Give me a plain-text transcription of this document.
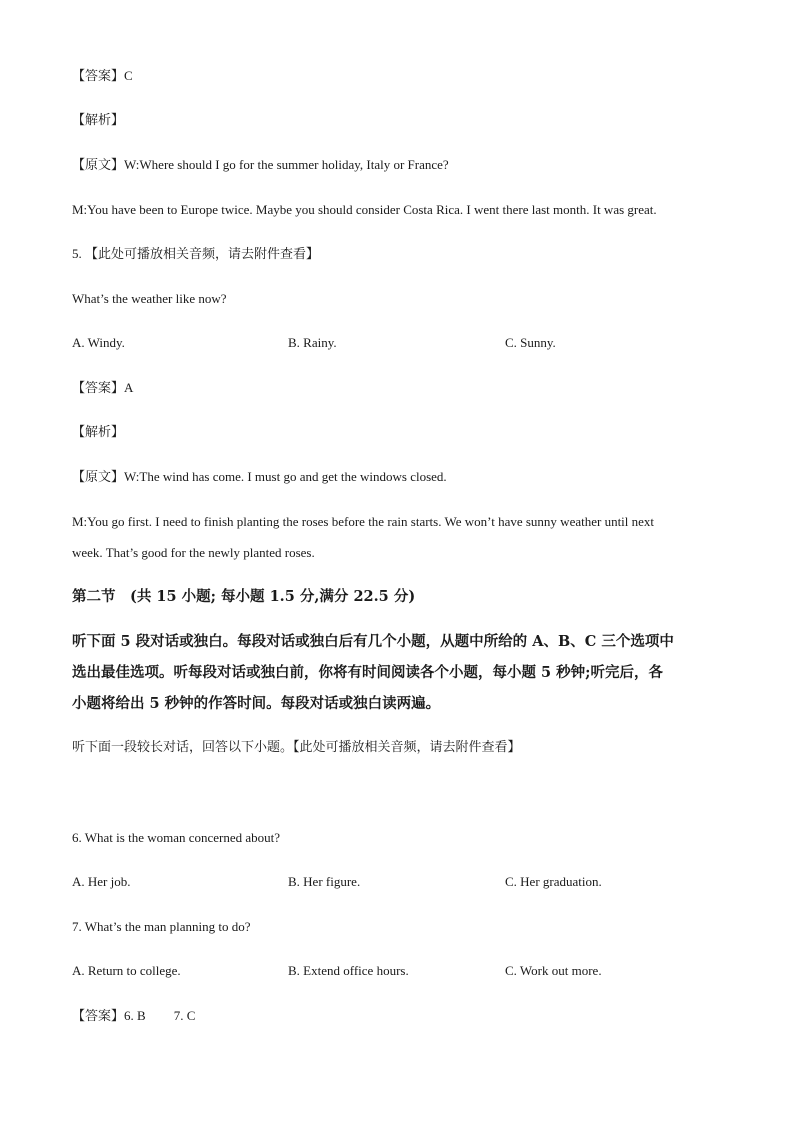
【答案】C
【解析】
【原文】W:Where should I go for the summer holiday, Italy or France?
M:You have been to Europe twice. Maybe you should consider Costa Rica. I went there last month. It was great.
5. 【此处可播放相关音频，请去附件查看】
What’s the weather like now?
A. Windy.	B. Rainy.	C. Sunny.
【答案】A
【解析】
【原文】W:The wind has come. I must go and get the windows closed.
M:You go first. I need to finish planting the roses before the rain starts. We won’t have sunny weather until next
week. That’s good for the newly planted roses.
第二节　(共 15 小题; 每小题 1.5 分,满分 22.5 分)
听下面 5 段对话或独白。每段对话或独白后有几个小题，从题中所给的 A、B、C 三个选项中
选出最佳选项。听每段对话或独白前，你将有时间阅读各个小题，每小题 5 秒钟;听完后，各
小题将给出 5 秒钟的作答时间。每段对话或独白读两遍。
听下面一段较长对话，回答以下小题。【此处可播放相关音频，请去附件查看】
6. What is the woman concerned about?
A. Her job.	B. Her figure.	C. Her graduation.
7. What’s the man planning to do?
A. Return to college.	B. Extend office hours.	C. Work out more.
【答案】6. B 7. C
